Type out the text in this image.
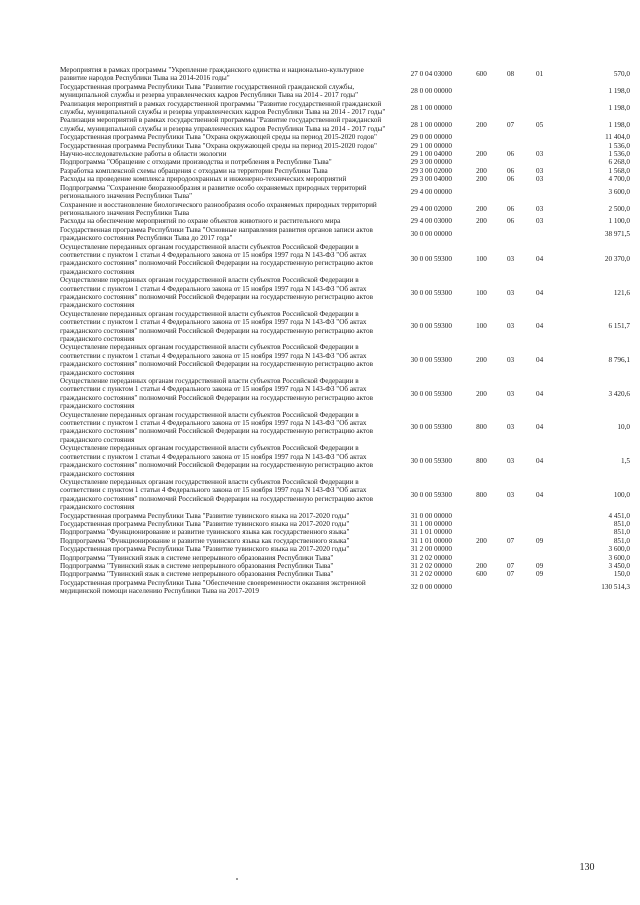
Мероприятия в рамках программы "Укрепление гражданского единства и национально-культурное развитие народов Республики Тыва на 2014-2016 годы"	27 0 04 03000	600	08	01	570,0
Государственная программа Республики Тыва "Развитие государственной гражданской службы, муниципальной службы и резерва управленческих кадров Республики Тыва на 2014 - 2017 годы"	28 0 00 00000				1 198,0
Реализация мероприятий в рамках государственной программы "Развитие государственной гражданской службы, муниципальной службы и резерва управленческих кадров Республики Тыва на 2014 - 2017 годы"	28 1 00 00000				1 198,0
Реализация мероприятий в рамках государственной программы "Развитие государственной гражданской службы, муниципальной службы и резерва управленческих кадров Республики Тыва на 2014 - 2017 годы"	28 1 00 00000	200	07	05	1 198,0
Государственная программа Республики Тыва "Охрана окружающей среды на период 2015-2020 годов"	29 0 00 00000				11 404,0
Государственная программа Республики Тыва "Охрана окружающей среды на период 2015-2020 годов"	29 1 00 00000				1 536,0
Научно-исследовательские работы в области экологии	29 1 00 04000	200	06	03	1 536,0
Подпрограмма "Обращение с отходами производства и потребления в Республике Тыва"	29 3 00 00000				6 268,0
Разработка комплексной схемы обращения с отходами на территории Республики Тыва	29 3 00 02000	200	06	03	1 568,0
Расходы на проведение комплекса природоохранных и инженерно-технических мероприятий	29 3 00 04000	200	06	03	4 700,0
Подпрограмма "Сохранение биоразнообразия и развитие особо охраняемых природных территорий регионального значения Республики Тыва"	29 4 00 00000				3 600,0
Сохранение и восстановление биологического разнообразия особо охраняемых природных территорий регионального значения Республики Тыва	29 4 00 02000	200	06	03	2 500,0
Расходы на обеспечение мероприятий по охране объектов животного и растительного мира	29 4 00 03000	200	06	03	1 100,0
Государственная программа Республики Тыва "Основные направления развития органов записи актов гражданского состояния Республики Тыва до 2017 года"	30 0 00 00000				38 971,5
Осуществление переданных органам государственной власти субъектов Российской Федерации в соответствии с пунктом 1 статьи 4 Федерального закона от 15 ноября 1997 года N 143-ФЗ "Об актах гражданского состояния" полномочий Российской Федерации на государственную регистрацию актов гражданского состояния	30 0 00 59300	100	03	04	20 370,0
Осуществление переданных органам государственной власти субъектов Российской Федерации в соответствии с пунктом 1 статьи 4 Федерального закона от 15 ноября 1997 года N 143-ФЗ "Об актах гражданского состояния" полномочий Российской Федерации на государственную регистрацию актов гражданского состояния	30 0 00 59300	100	03	04	121,6
Осуществление переданных органам государственной власти субъектов Российской Федерации в соответствии с пунктом 1 статьи 4 Федерального закона от 15 ноября 1997 года N 143-ФЗ "Об актах гражданского состояния" полномочий Российской Федерации на государственную регистрацию актов гражданского состояния	30 0 00 59300	100	03	04	6 151,7
Осуществление переданных органам государственной власти субъектов Российской Федерации в соответствии с пунктом 1 статьи 4 Федерального закона от 15 ноября 1997 года N 143-ФЗ "Об актах гражданского состояния" полномочий Российской Федерации на государственную регистрацию актов гражданского состояния	30 0 00 59300	200	03	04	8 796,1
Осуществление переданных органам государственной власти субъектов Российской Федерации в соответствии с пунктом 1 статьи 4 Федерального закона от 15 ноября 1997 года N 143-ФЗ "Об актах гражданского состояния" полномочий Российской Федерации на государственную регистрацию актов гражданского состояния	30 0 00 59300	200	03	04	3 420,6
Осуществление переданных органам государственной власти субъектов Российской Федерации в соответствии с пунктом 1 статьи 4 Федерального закона от 15 ноября 1997 года N 143-ФЗ "Об актах гражданского состояния" полномочий Российской Федерации на государственную регистрацию актов гражданского состояния	30 0 00 59300	800	03	04	10,0
Осуществление переданных органам государственной власти субъектов Российской Федерации в соответствии с пунктом 1 статьи 4 Федерального закона от 15 ноября 1997 года N 143-ФЗ "Об актах гражданского состояния" полномочий Российской Федерации на государственную регистрацию актов гражданского состояния	30 0 00 59300	800	03	04	1,5
Осуществление переданных органам государственной власти субъектов Российской Федерации в соответствии с пунктом 1 статьи 4 Федерального закона от 15 ноября 1997 года N 143-ФЗ "Об актах гражданского состояния" полномочий Российской Федерации на государственную регистрацию актов гражданского состояния	30 0 00 59300	800	03	04	100,0
Государственная программа Республики Тыва "Развитие тувинского языка на 2017-2020 годы"	31 0 00 00000				4 451,0
Государственная программа Республики Тыва "Развитие тувинского языка на 2017-2020 годы"	31 1 00 00000				851,0
Подпрограмма "Функционирование и развитие тувинского языка как государственного языка"	31 1 01 00000				851,0
Подпрограмма "Функционирование и развитие тувинского языка как государственного языка"	31 1 01 00000	200	07	09	851,0
Государственная программа Республики Тыва "Развитие тувинского языка на 2017-2020 годы"	31 2 00 00000				3 600,0
Подпрограмма "Тувинский язык в системе непрерывного образования Республики Тыва"	31 2 02 00000				3 600,0
Подпрограмма "Тувинский язык в системе непрерывного образования Республики Тыва"	31 2 02 00000	200	07	09	3 450,0
Подпрограмма "Тувинский язык в системе непрерывного образования Республики Тыва"	31 2 02 00000	600	07	09	150,0
Государственная программа Республики Тыва "Обеспечение своевременности оказания экстренной медицинской помощи населению Республики Тыва на 2017-2019	32 0 00 00000				130 514,3
130
